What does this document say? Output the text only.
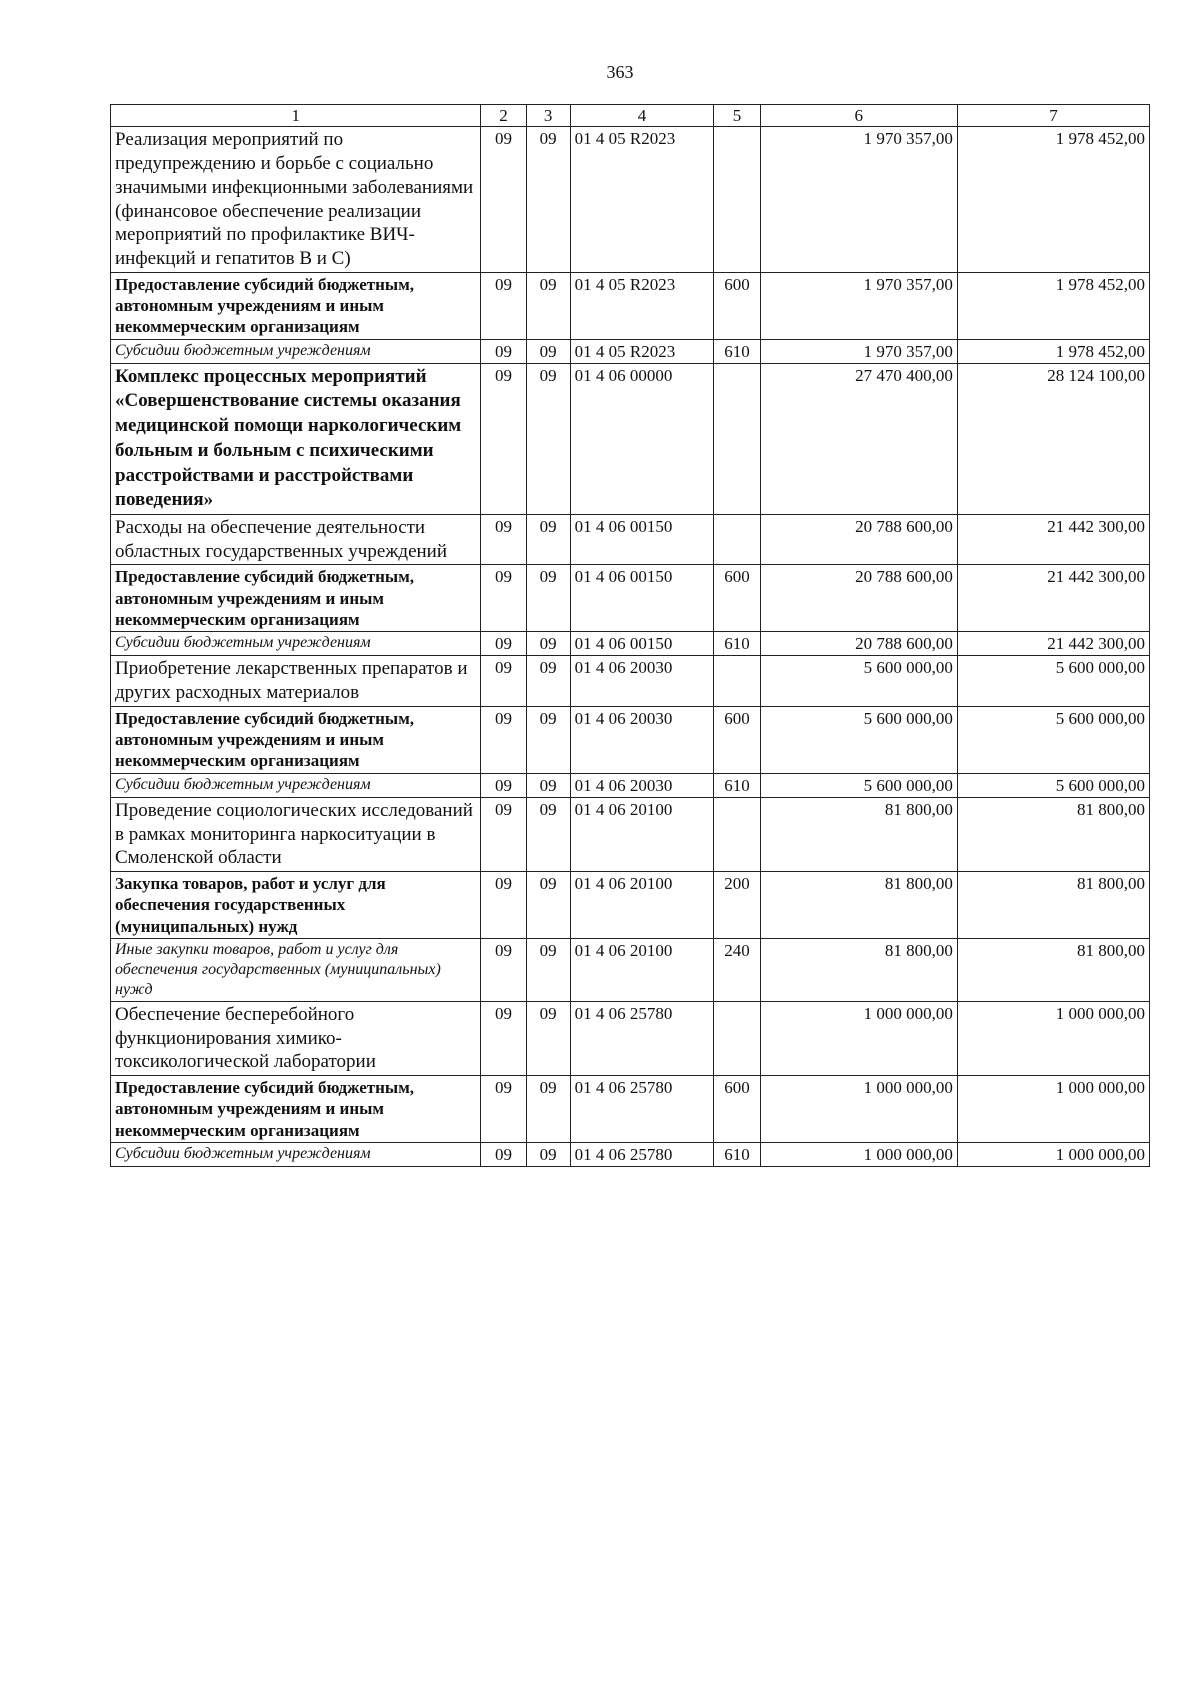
363
1	2	3	4	5	6	7
Реализация мероприятий по предупреждению и борьбе с социально значимыми инфекционными заболеваниями (финансовое обеспечение реализации мероприятий по профилактике ВИЧ-инфекций и гепатитов В и С)	09	09	01 4 05 R2023		1 970 357,00	1 978 452,00
Предоставление субсидий бюджетным, автономным учреждениям и иным некоммерческим организациям	09	09	01 4 05 R2023	600	1 970 357,00	1 978 452,00
Субсидии бюджетным учреждениям	09	09	01 4 05 R2023	610	1 970 357,00	1 978 452,00
Комплекс процессных мероприятий «Совершенствование системы оказания медицинской помощи наркологическим больным и больным с психическими расстройствами и расстройствами поведения»	09	09	01 4 06 00000		27 470 400,00	28 124 100,00
Расходы на обеспечение деятельности областных государственных учреждений	09	09	01 4 06 00150		20 788 600,00	21 442 300,00
Предоставление субсидий бюджетным, автономным учреждениям и иным некоммерческим организациям	09	09	01 4 06 00150	600	20 788 600,00	21 442 300,00
Субсидии бюджетным учреждениям	09	09	01 4 06 00150	610	20 788 600,00	21 442 300,00
Приобретение лекарственных препаратов и других расходных материалов	09	09	01 4 06 20030		5 600 000,00	5 600 000,00
Предоставление субсидий бюджетным, автономным учреждениям и иным некоммерческим организациям	09	09	01 4 06 20030	600	5 600 000,00	5 600 000,00
Субсидии бюджетным учреждениям	09	09	01 4 06 20030	610	5 600 000,00	5 600 000,00
Проведение социологических исследований в рамках мониторинга наркоситуации в Смоленской области	09	09	01 4 06 20100		81 800,00	81 800,00
Закупка товаров, работ и услуг для обеспечения государственных (муниципальных) нужд	09	09	01 4 06 20100	200	81 800,00	81 800,00
Иные закупки товаров, работ и услуг для обеспечения государственных (муниципальных) нужд	09	09	01 4 06 20100	240	81 800,00	81 800,00
Обеспечение бесперебойного функционирования химико-токсикологической лаборатории	09	09	01 4 06 25780		1 000 000,00	1 000 000,00
Предоставление субсидий бюджетным, автономным учреждениям и иным некоммерческим организациям	09	09	01 4 06 25780	600	1 000 000,00	1 000 000,00
Субсидии бюджетным учреждениям	09	09	01 4 06 25780	610	1 000 000,00	1 000 000,00
